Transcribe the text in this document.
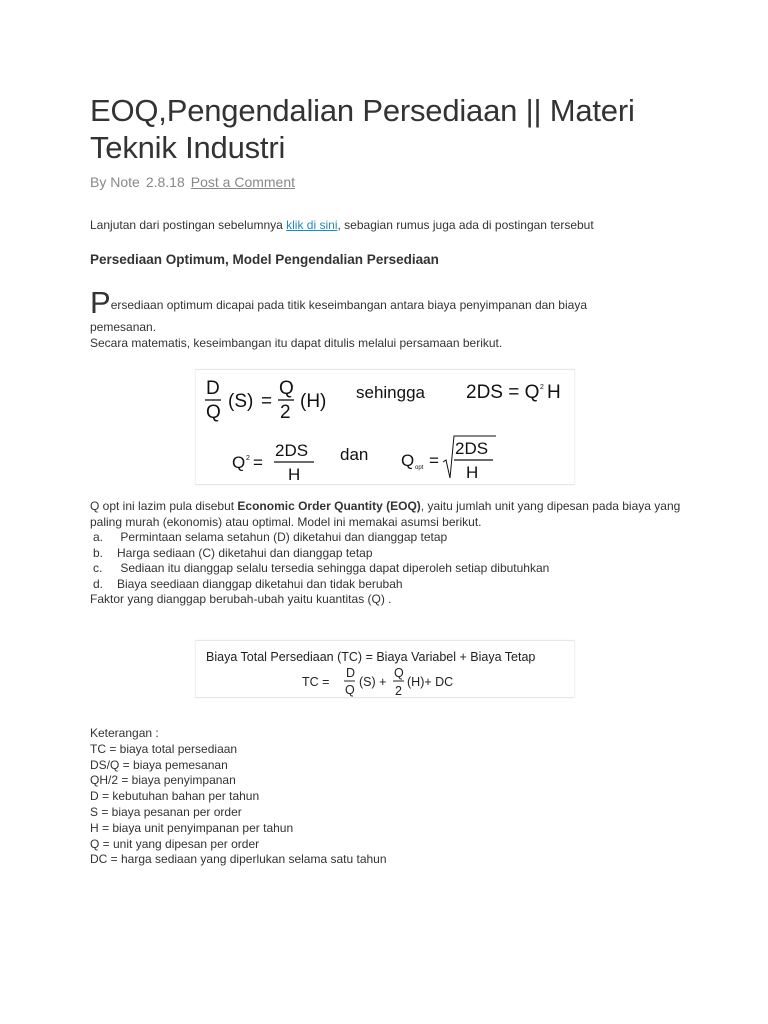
EOQ,Pengendalian Persediaan || Materi Teknik Industri
By Note 2.8.18 Post a Comment
Lanjutan dari postingan sebelumnya klik di sini, sebagian rumus juga ada di postingan tersebut
Persediaan Optimum, Model Pengendalian Persediaan
Persediaan optimum dicapai pada titik keseimbangan antara biaya penyimpanan dan biaya
pemesanan.
Secara matematis, keseimbangan itu dapat ditulis melalui persamaan berikut.

Q opt ini lazim pula disebut Economic Order Quantity (EOQ), yaitu jumlah unit yang dipesan pada biaya yang paling murah (ekonomis) atau optimal. Model ini memakai asumsi berikut.

a. Permintaan selama setahun (D) diketahui dan dianggap tetap
b. Harga sediaan (C) diketahui dan dianggap tetap
c. Sediaan itu dianggap selalu tersedia sehingga dapat diperoleh setiap dibutuhkan
d. Biaya seediaan dianggap diketahui dan tidak berubah

Faktor yang dianggap berubah-ubah yaitu kuantitas (Q) .

Keterangan :
TC = biaya total persediaan
DS/Q = biaya pemesanan
QH/2 = biaya penyimpanan
D = kebutuhan bahan per tahun
S = biaya pesanan per order
H = biaya unit penyimpanan per tahun
Q = unit yang dipesan per order
DC = harga sediaan yang diperlukan selama satu tahun
D
Q
(S) =
Q
2
(H) sehingga 2DS = Q 2 H
Q 2 =
2DS
H
dan Q opt =
2DS
H
Biaya Total Persediaan (TC) = Biaya Variabel + Biaya Tetap
TC =
D
Q
(S) +
Q
2
(H)+ DC
